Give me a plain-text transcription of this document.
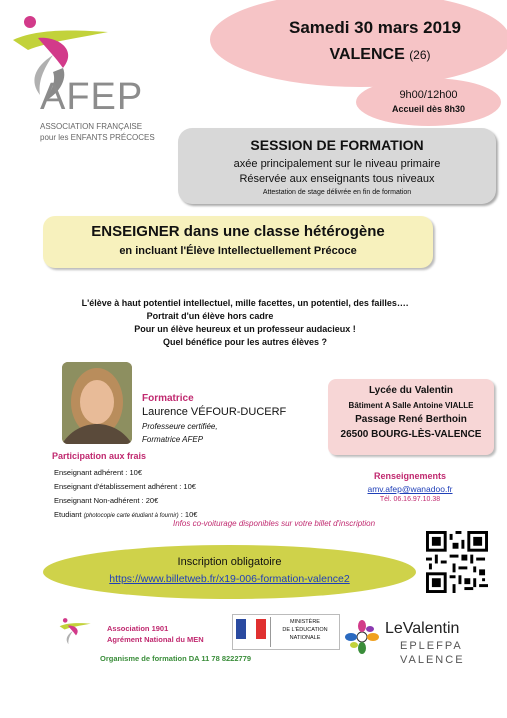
Samedi 30 mars 2019
VALENCE (26)
9h00/12h00
Accueil dès 8h30
AFEP
ASSOCIATION FRANÇAISE
pour les ENFANTS PRÉCOCES	SESSION DE FORMATION
axée principalement sur le niveau primaire
Réservée aux enseignants tous niveaux
Attestation de stage délivrée en fin de formation
ENSEIGNER dans une classe hétérogène
en incluant l'Élève Intellectuellement Précoce
L'élève à haut potentiel intellectuel, mille facettes, un potentiel, des failles….
Portrait d'un élève hors cadre
Pour un élève heureux et un professeur audacieux !
Quel bénéfice pour les autres élèves ?
Formatrice
Laurence VÉFOUR-DUCERF
Professeure certifiée,
Formatrice AFEP
Lycée du Valentin
Bâtiment A Salle Antoine VIALLE
Passage René Berthoin
26500 BOURG-LÈS-VALENCE
Participation aux frais
Enseignant adhérent : 10€
Enseignant d'établissement adhérent : 10€
Enseignant Non-adhérent : 20€
Etudiant (photocopie carte étudiant à fournir) : 10€
Renseignements
amv.afep@wanadoo.fr
Tél. 06.16.97.10.38
Infos co-voiturage disponibles sur votre billet d'inscription
Inscription obligatoire
https://www.billetweb.fr/x19-006-formation-valence2
Association 1901
Agrément National du MEN
MINISTÈRE
DE L'ÉDUCATION
NATIONALE
Organisme de formation DA 11 78 8222779
LeValentin
EPLEFPA
VALENCE
